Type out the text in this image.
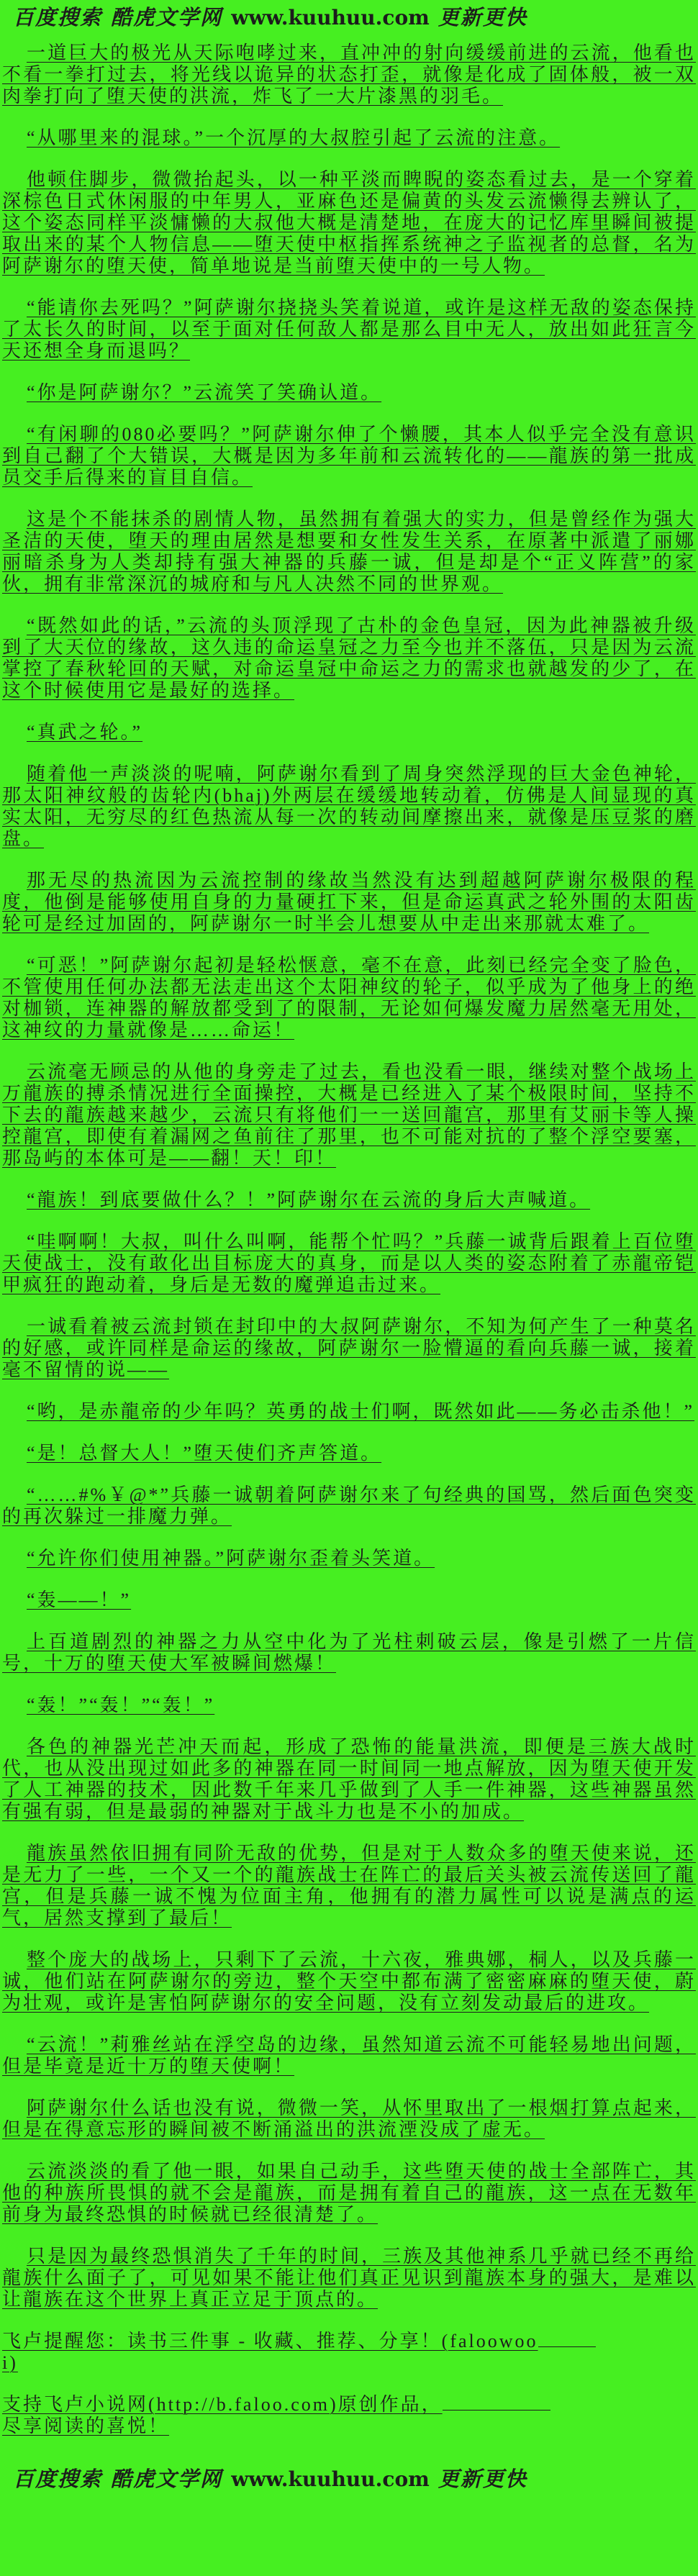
百度搜索 酷虎文学网 www.kuuhuu.com 更新更快

一道巨大的极光从天际咆哮过来，直冲冲的射向缓缓前进的云流，他看也不看一拳打过去，将光线以诡异的状态打歪，就像是化成了固体般，被一双肉拳打向了堕天使的洪流，炸飞了一大片漆黑的羽毛。

“从哪里来的混球。”一个沉厚的大叔腔引起了云流的注意。

他顿住脚步，微微抬起头，以一种平淡而睥睨的姿态看过去，是一个穿着深棕色日式休闲服的中年男人，亚麻色还是偏黄的头发云流懒得去辨认了，这个姿态同样平淡慵懒的大叔他大概是清楚地，在庞大的记忆库里瞬间被提取出来的某个人物信息——堕天使中枢指挥系统神之子监视者的总督，名为阿萨谢尔的堕天使，简单地说是当前堕天使中的一号人物。

“能请你去死吗？”阿萨谢尔挠挠头笑着说道，或许是这样无敌的姿态保持了太长久的时间，以至于面对任何敌人都是那么目中无人，放出如此狂言今天还想全身而退吗？

“你是阿萨谢尔？”云流笑了笑确认道。

“有闲聊的080必要吗？”阿萨谢尔伸了个懒腰，其本人似乎完全没有意识到自己翻了个大错误，大概是因为多年前和云流转化的——龍族的第一批成员交手后得来的盲目自信。

这是个不能抹杀的剧情人物，虽然拥有着强大的实力，但是曾经作为强大圣洁的天使，堕天的理由居然是想要和女性发生关系，在原著中派遣了丽娜丽暗杀身为人类却持有强大神器的兵藤一诚，但是却是个“正义阵营”的家伙，拥有非常深沉的城府和与凡人决然不同的世界观。

“既然如此的话，”云流的头顶浮现了古朴的金色皇冠，因为此神器被升级到了大天位的缘故，这久违的命运皇冠之力至今也并不落伍，只是因为云流掌控了春秋轮回的天赋，对命运皇冠中命运之力的需求也就越发的少了，在这个时候使用它是最好的选择。

“真武之轮。”

随着他一声淡淡的呢喃，阿萨谢尔看到了周身突然浮现的巨大金色神轮，那太阳神纹般的齿轮内(bhaj)外两层在缓缓地转动着，仿佛是人间显现的真实太阳，无穷尽的红色热流从每一次的转动间摩擦出来，就像是压豆浆的磨盘。

那无尽的热流因为云流控制的缘故当然没有达到超越阿萨谢尔极限的程度，他倒是能够使用自身的力量硬扛下来，但是命运真武之轮外围的太阳齿轮可是经过加固的，阿萨谢尔一时半会儿想要从中走出来那就太难了。

“可恶！”阿萨谢尔起初是轻松惬意，毫不在意，此刻已经完全变了脸色，不管使用任何办法都无法走出这个太阳神纹的轮子，似乎成为了他身上的绝对枷锁，连神器的解放都受到了的限制，无论如何爆发魔力居然毫无用处，这神纹的力量就像是……命运！

云流毫无顾忌的从他的身旁走了过去，看也没看一眼，继续对整个战场上万龍族的搏杀情况进行全面操控，大概是已经进入了某个极限时间，坚持不下去的龍族越来越少，云流只有将他们一一送回龍宫，那里有艾丽卡等人操控龍宫，即使有着漏网之鱼前往了那里，也不可能对抗的了整个浮空要塞，那岛屿的本体可是——翻！天！印！

“龍族！到底要做什么？！”阿萨谢尔在云流的身后大声喊道。

“哇啊啊！大叔，叫什么叫啊，能帮个忙吗？”兵藤一诚背后跟着上百位堕天使战士，没有敢化出目标庞大的真身，而是以人类的姿态附着了赤龍帝铠甲疯狂的跑动着，身后是无数的魔弹追击过来。

一诚看着被云流封锁在封印中的大叔阿萨谢尔，不知为何产生了一种莫名的好感，或许同样是命运的缘故，阿萨谢尔一脸懵逼的看向兵藤一诚，接着毫不留情的说——

“哟，是赤龍帝的少年吗？英勇的战士们啊，既然如此——务必击杀他！”

“是！总督大人！”堕天使们齐声答道。

“……#%￥@*”兵藤一诚朝着阿萨谢尔来了句经典的国骂，然后面色突变的再次躲过一排魔力弹。

“允许你们使用神器。”阿萨谢尔歪着头笑道。

“轰——！”

上百道剧烈的神器之力从空中化为了光柱刺破云层，像是引燃了一片信号，十万的堕天使大军被瞬间燃爆！

“轰！”“轰！”“轰！”

各色的神器光芒冲天而起，形成了恐怖的能量洪流，即便是三族大战时代，也从没出现过如此多的神器在同一时间同一地点解放，因为堕天使开发了人工神器的技术，因此数千年来几乎做到了人手一件神器，这些神器虽然有强有弱，但是最弱的神器对于战斗力也是不小的加成。

龍族虽然依旧拥有同阶无敌的优势，但是对于人数众多的堕天使来说，还是无力了一些，一个又一个的龍族战士在阵亡的最后关头被云流传送回了龍宫，但是兵藤一诚不愧为位面主角，他拥有的潜力属性可以说是满点的运气，居然支撑到了最后！

整个庞大的战场上，只剩下了云流，十六夜，雅典娜，桐人，以及兵藤一诚，他们站在阿萨谢尔的旁边，整个天空中都布满了密密麻麻的堕天使，蔚为壮观，或许是害怕阿萨谢尔的安全问题，没有立刻发动最后的进攻。

“云流！”莉雅丝站在浮空岛的边缘，虽然知道云流不可能轻易地出问题，但是毕竟是近十万的堕天使啊！

阿萨谢尔什么话也没有说，微微一笑，从怀里取出了一根烟打算点起来，但是在得意忘形的瞬间被不断涌溢出的洪流湮没成了虚无。

云流淡淡的看了他一眼，如果自己动手，这些堕天使的战士全部阵亡，其他的种族所畏惧的就不会是龍族，而是拥有着自己的龍族，这一点在无数年前身为最终恐惧的时候就已经很清楚了。

只是因为最终恐惧消失了千年的时间，三族及其他神系几乎就已经不再给龍族什么面子了，可见如果不能让他们真正见识到龍族本身的强大，是难以让龍族在这个世界上真正立足于顶点的。

飞卢提醒您：读书三件事 - 收藏、推荐、分享！(faloowoo
i)

支持飞卢小说网(http://b.faloo.com)原创作品，
尽享阅读的喜悦！

百度搜索 酷虎文学网 www.kuuhuu.com 更新更快
